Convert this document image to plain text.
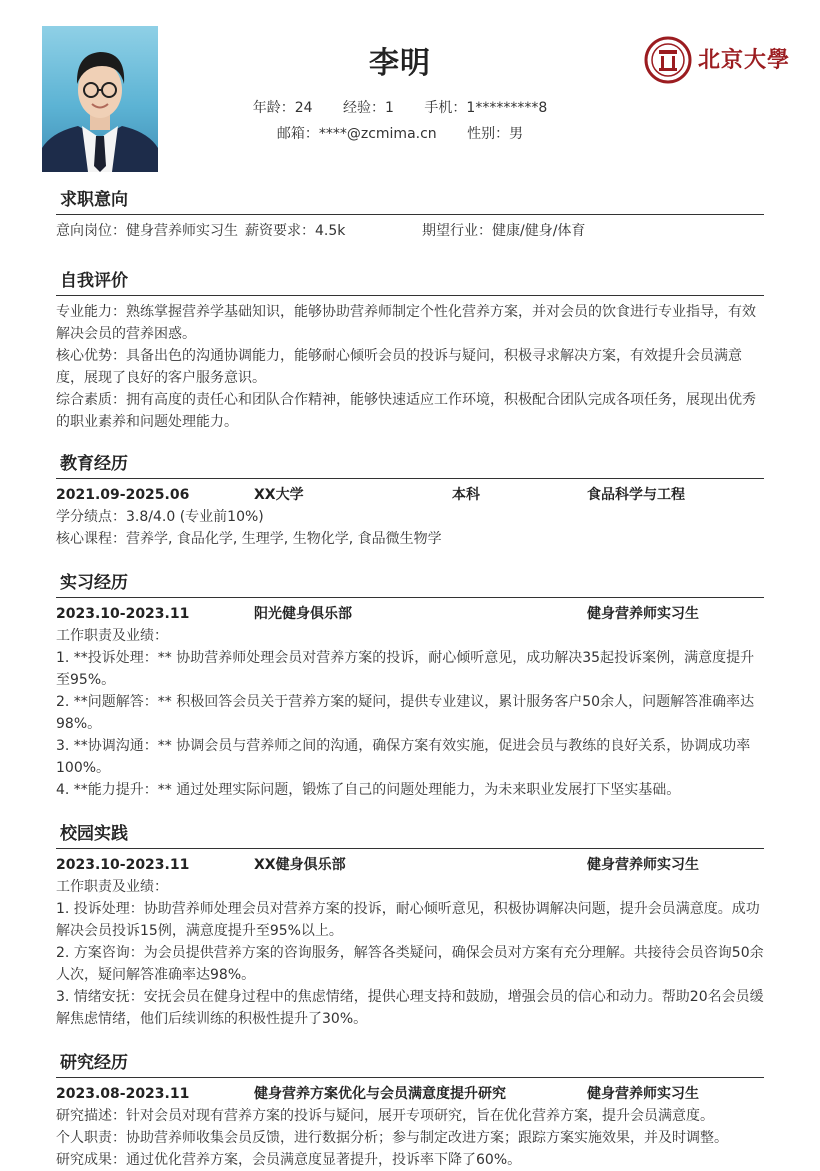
李明
年龄：24 经验：1 手机：1*********8
邮箱：****@zcmima.cn 性别：男
北京大學
求职意向
意向岗位：健身营养师实习生 薪资要求：4.5k	期望行业：健康/健身/体育
自我评价

专业能力：熟练掌握营养学基础知识，能够协助营养师制定个性化营养方案，并对会员的饮食进行专业指导，有效解决会员的营养困惑。

核心优势：具备出色的沟通协调能力，能够耐心倾听会员的投诉与疑问，积极寻求解决方案，有效提升会员满意度，展现了良好的客户服务意识。

综合素质：拥有高度的责任心和团队合作精神，能够快速适应工作环境，积极配合团队完成各项任务，展现出优秀的职业素养和问题处理能力。

教育经历
2021.09-2025.06	XX大学	本科	食品科学与工程

学分绩点：3.8/4.0 (专业前10%)

核心课程：营养学, 食品化学, 生理学, 生物化学, 食品微生物学

实习经历
2023.10-2023.11	阳光健身俱乐部	健身营养师实习生

工作职责及业绩：

1. **投诉处理：** 协助营养师处理会员对营养方案的投诉，耐心倾听意见，成功解决35起投诉案例，满意度提升至95%。

2. **问题解答：** 积极回答会员关于营养方案的疑问，提供专业建议，累计服务客户50余人，问题解答准确率达98%。

3. **协调沟通：** 协调会员与营养师之间的沟通，确保方案有效实施，促进会员与教练的良好关系，协调成功率100%。

4. **能力提升：** 通过处理实际问题，锻炼了自己的问题处理能力，为未来职业发展打下坚实基础。

校园实践
2023.10-2023.11	XX健身俱乐部	健身营养师实习生

工作职责及业绩：

1. 投诉处理：协助营养师处理会员对营养方案的投诉，耐心倾听意见，积极协调解决问题，提升会员满意度。成功解决会员投诉15例，满意度提升至95%以上。

2. 方案咨询：为会员提供营养方案的咨询服务，解答各类疑问，确保会员对方案有充分理解。共接待会员咨询50余人次，疑问解答准确率达98%。

3. 情绪安抚：安抚会员在健身过程中的焦虑情绪，提供心理支持和鼓励，增强会员的信心和动力。帮助20名会员缓解焦虑情绪，他们后续训练的积极性提升了30%。

研究经历
2023.08-2023.11	健身营养方案优化与会员满意度提升研究	健身营养师实习生

研究描述：针对会员对现有营养方案的投诉与疑问，展开专项研究，旨在优化营养方案，提升会员满意度。

个人职责：协助营养师收集会员反馈，进行数据分析；参与制定改进方案；跟踪方案实施效果，并及时调整。

研究成果：通过优化营养方案，会员满意度显著提升，投诉率下降了60%。
